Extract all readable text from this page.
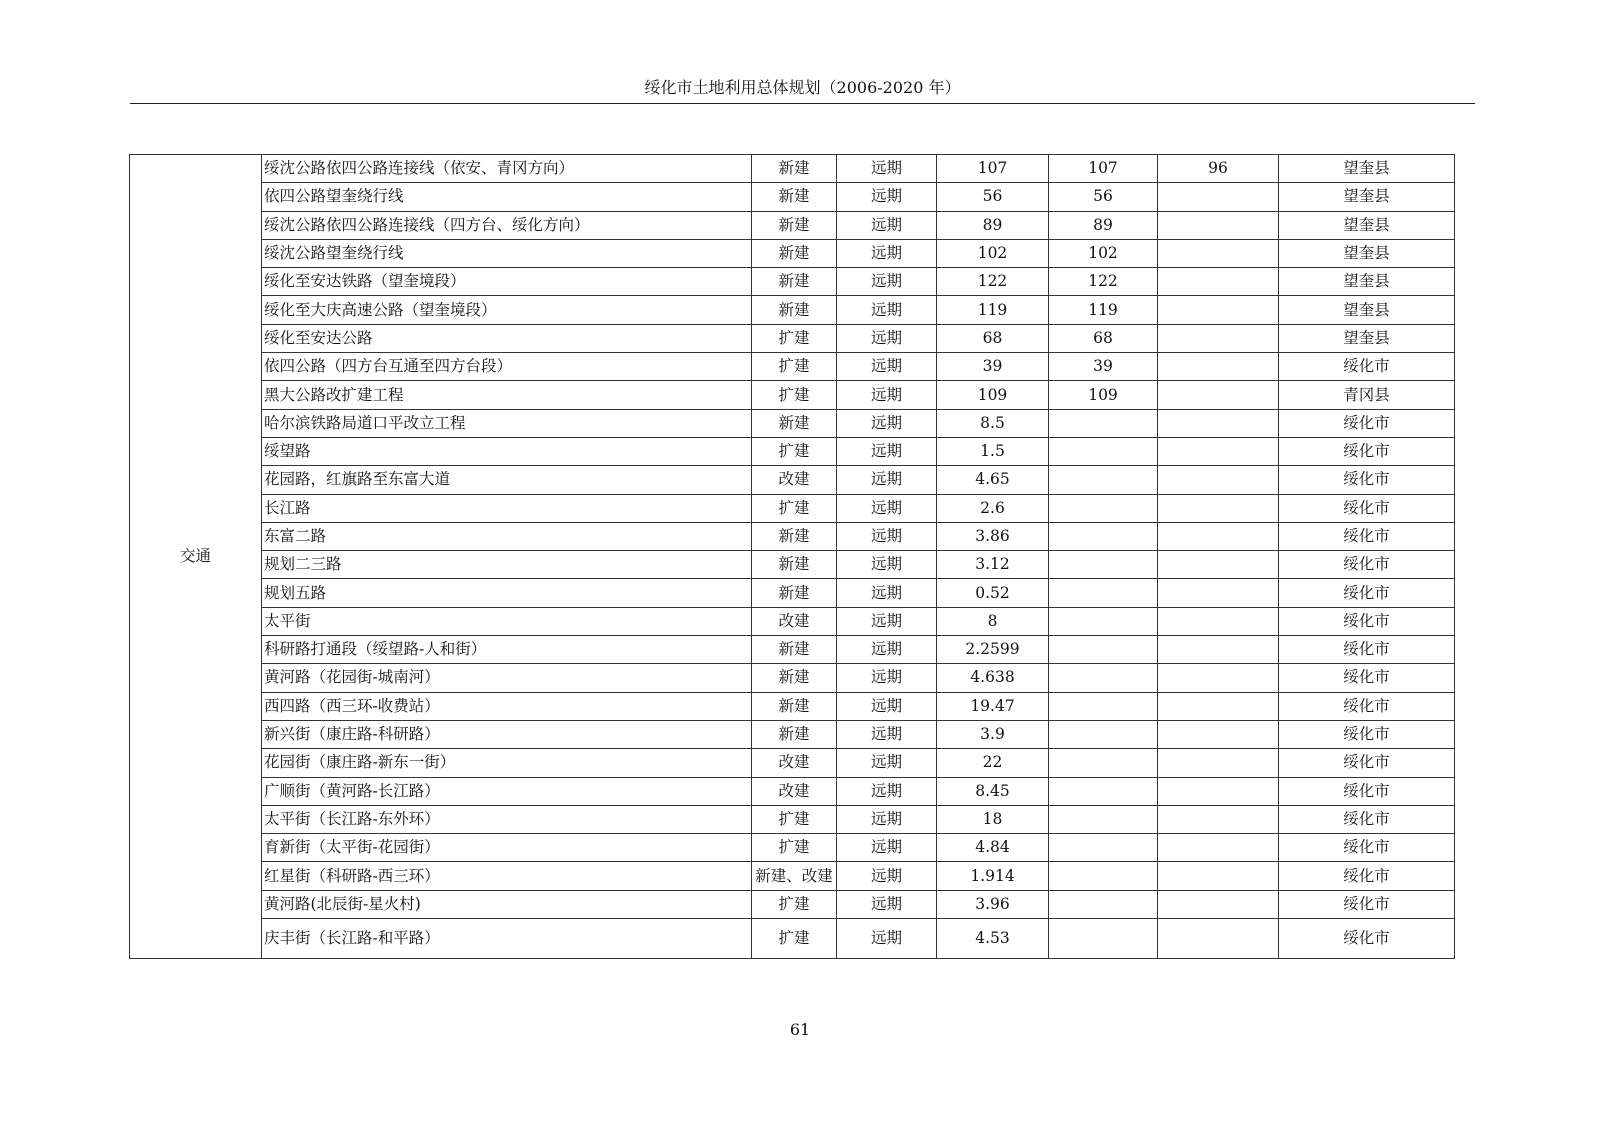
绥化市土地利用总体规划（2006-2020 年）
交通	绥沈公路依四公路连接线（依安、青冈方向）	新建	远期	107	107	96	望奎县
	依四公路望奎绕行线	新建	远期	56	56		望奎县
	绥沈公路依四公路连接线（四方台、绥化方向）	新建	远期	89	89		望奎县
	绥沈公路望奎绕行线	新建	远期	102	102		望奎县
	绥化至安达铁路（望奎境段）	新建	远期	122	122		望奎县
	绥化至大庆高速公路（望奎境段）	新建	远期	119	119		望奎县
	绥化至安达公路	扩建	远期	68	68		望奎县
	依四公路（四方台互通至四方台段）	扩建	远期	39	39		绥化市
	黑大公路改扩建工程	扩建	远期	109	109		青冈县
	哈尔滨铁路局道口平改立工程	新建	远期	8.5			绥化市
	绥望路	扩建	远期	1.5			绥化市
	花园路，红旗路至东富大道	改建	远期	4.65			绥化市
	长江路	扩建	远期	2.6			绥化市
	东富二路	新建	远期	3.86			绥化市
	规划二三路	新建	远期	3.12			绥化市
	规划五路	新建	远期	0.52			绥化市
	太平街	改建	远期	8			绥化市
	科研路打通段（绥望路-人和街）	新建	远期	2.2599			绥化市
	黄河路（花园街-城南河）	新建	远期	4.638			绥化市
	西四路（西三环-收费站）	新建	远期	19.47			绥化市
	新兴街（康庄路-科研路）	新建	远期	3.9			绥化市
	花园街（康庄路-新东一街）	改建	远期	22			绥化市
	广顺街（黄河路-长江路）	改建	远期	8.45			绥化市
	太平街（长江路-东外环）	扩建	远期	18			绥化市
	育新街（太平街-花园街）	扩建	远期	4.84			绥化市
	红星街（科研路-西三环）	新建、改建	远期	1.914			绥化市
	黄河路(北辰街-星火村)	扩建	远期	3.96			绥化市
	庆丰街（长江路-和平路）	扩建	远期	4.53			绥化市
61
